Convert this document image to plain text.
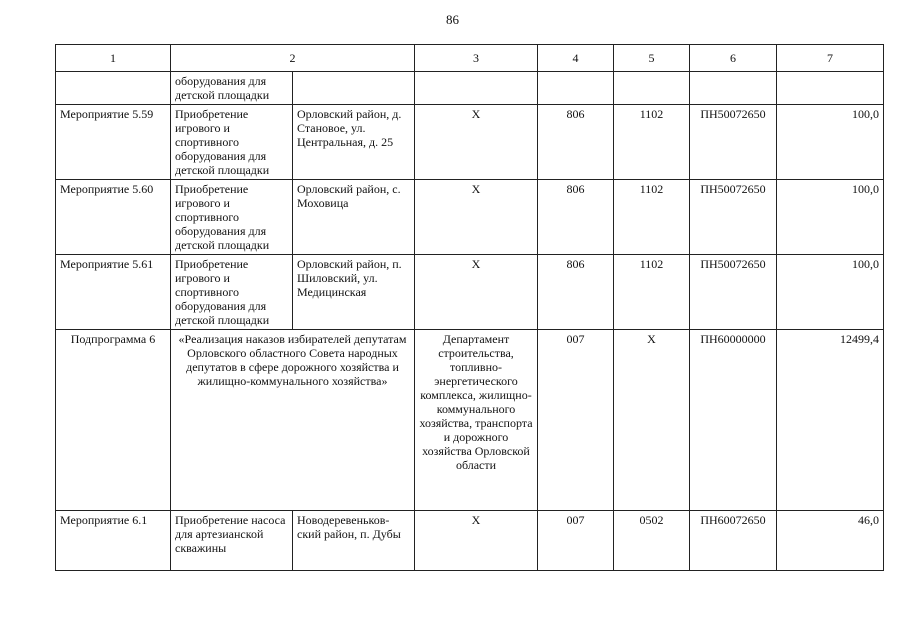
86
1	2		3	4	5	6	7
	оборудования для детской площадки						
Мероприятие 5.59	Приобретение игрового и спортивного оборудования для детской площадки	Орловский район, д. Становое, ул. Центральная, д. 25	Х	806	1102	ПН50072650	100,0
Мероприятие 5.60	Приобретение игрового и спортивного оборудования для детской площадки	Орловский район, с. Моховица	Х	806	1102	ПН50072650	100,0
Мероприятие 5.61	Приобретение игрового и спортивного оборудования для детской площадки	Орловский район, п. Шиловский, ул. Медицинская	Х	806	1102	ПН50072650	100,0
Подпрограмма 6	«Реализация наказов избирателей депутатам Орловского областного Совета народных депутатов в сфере дорожного хозяйства и жилищно-коммунального хозяйства»		Департамент строительства, топливно-энергетического комплекса, жилищно-коммунального хозяйства, транспорта и дорожного хозяйства Орловской области	007	Х	ПН60000000	12499,4
Мероприятие 6.1	Приобретение насоса для артезианской скважины	Новодеревеньков-ский район, п. Дубы	Х	007	0502	ПН60072650	46,0
